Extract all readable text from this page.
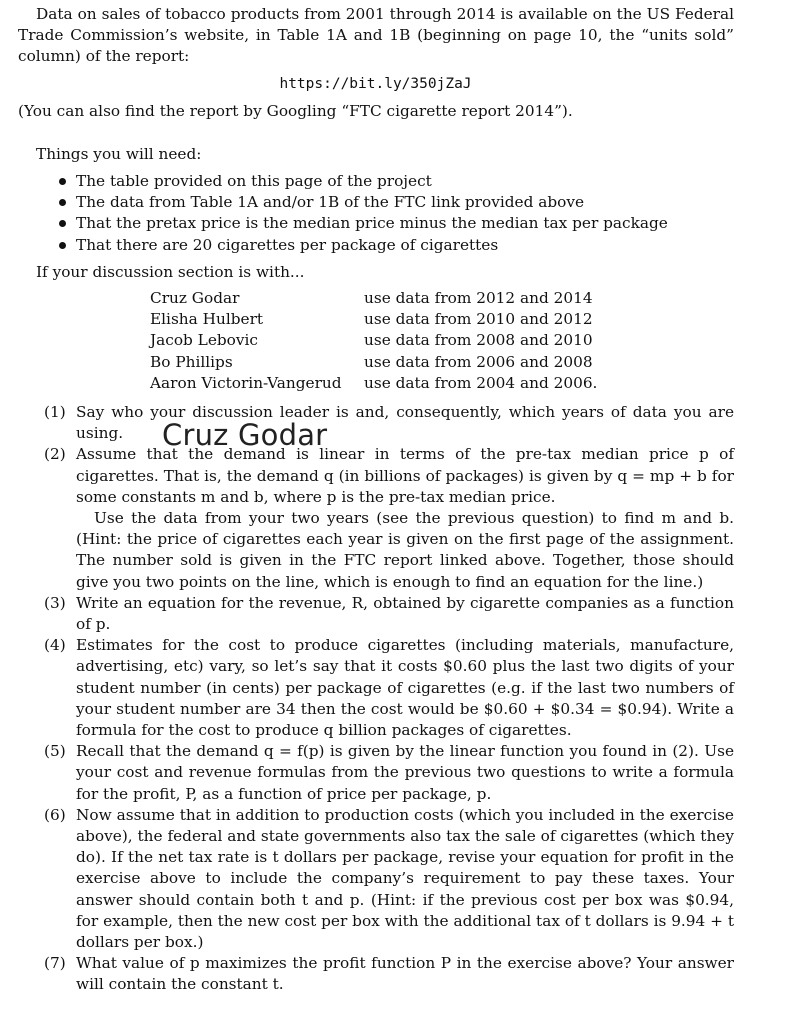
Data on sales of tobacco products from 2001 through 2014 is available on the US Federal Trade Commission’s website, in Table 1A and 1B (beginning on page 10, the “units sold” column) of the report:

https://bit.ly/350jZaJ

(You can also find the report by Googling “FTC cigarette report 2014”).

Things you will need:

The table provided on this page of the project
The data from Table 1A and/or 1B of the FTC link provided above
That the pretax price is the median price minus the median tax per package
That there are 20 cigarettes per package of cigarettes

If your discussion section is with...

Cruz Godar	use data from 2012 and 2014
Elisha Hulbert	use data from 2010 and 2012
Jacob Lebovic	use data from 2008 and 2010
Bo Phillips	use data from 2006 and 2008
Aaron Victorin-Vangerud	use data from 2004 and 2006.
(1) Say who your discussion leader is and, consequently, which years of data you are using.
(2) Assume that the demand is linear in terms of the pre-tax median price p of cigarettes. That is, the demand q (in billions of packages) is given by q = mp + b for some constants m and b, where p is the pre-tax median price.
Use the data from your two years (see the previous question) to find m and b. (Hint: the price of cigarettes each year is given on the first page of the assignment. The number sold is given in the FTC report linked above. Together, those should give you two points on the line, which is enough to find an equation for the line.)
(3) Write an equation for the revenue, R, obtained by cigarette companies as a function of p.
(4) Estimates for the cost to produce cigarettes (including materials, manufacture, advertising, etc) vary, so let’s say that it costs $0.60 plus the last two digits of your student number (in cents) per package of cigarettes (e.g. if the last two numbers of your student number are 34 then the cost would be $0.60 + $0.34 = $0.94). Write a formula for the cost to produce q billion packages of cigarettes.
(5) Recall that the demand q = f(p) is given by the linear function you found in (2). Use your cost and revenue formulas from the previous two questions to write a formula for the profit, P, as a function of price per package, p.
(6) Now assume that in addition to production costs (which you included in the exercise above), the federal and state governments also tax the sale of cigarettes (which they do). If the net tax rate is t dollars per package, revise your equation for profit in the exercise above to include the company’s requirement to pay these taxes. Your answer should contain both t and p. (Hint: if the previous cost per box was $0.94, for example, then the new cost per box with the additional tax of t dollars is 9.94 + t dollars per box.)
(7) What value of p maximizes the profit function P in the exercise above? Your answer will contain the constant t.
Cruz Godar
